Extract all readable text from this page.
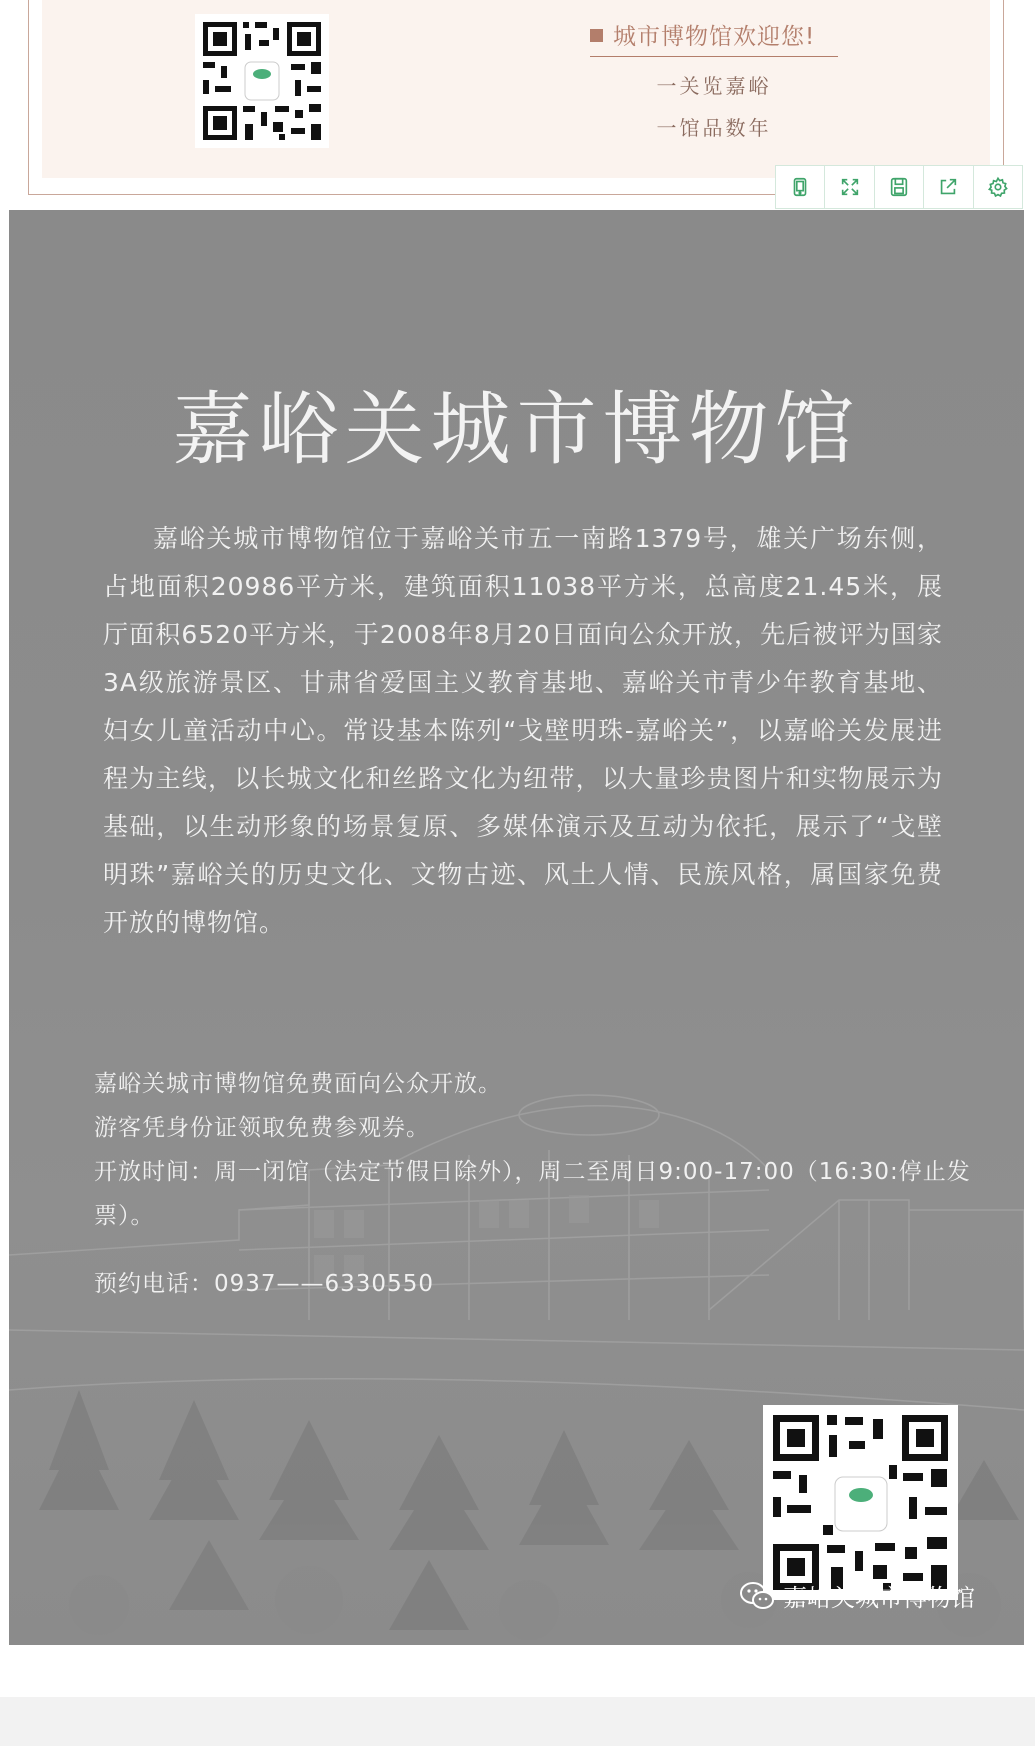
城市博物馆欢迎您!
一关览嘉峪
一馆品数年
嘉峪关城市博物馆
嘉峪关城市博物馆位于嘉峪关市五一南路1379号，雄关广场东侧，占地面积20986平方米，建筑面积11038平方米，总高度21.45米，展厅面积6520平方米，于2008年8月20日面向公众开放，先后被评为国家3A级旅游景区、甘肃省爱国主义教育基地、嘉峪关市青少年教育基地、妇女儿童活动中心。常设基本陈列“戈壁明珠-嘉峪关”，以嘉峪关发展进程为主线，以长城文化和丝路文化为纽带，以大量珍贵图片和实物展示为基础，以生动形象的场景复原、多媒体演示及互动为依托，展示了“戈壁明珠”嘉峪关的历史文化、文物古迹、风土人情、民族风格，属国家免费开放的博物馆。
嘉峪关城市博物馆免费面向公众开放。
游客凭身份证领取免费参观券。
开放时间：周一闭馆（法定节假日除外），周二至周日9:00-17:00（16:30:停止发票）。
预约电话：0937——6330550
嘉峪关城市博物馆
